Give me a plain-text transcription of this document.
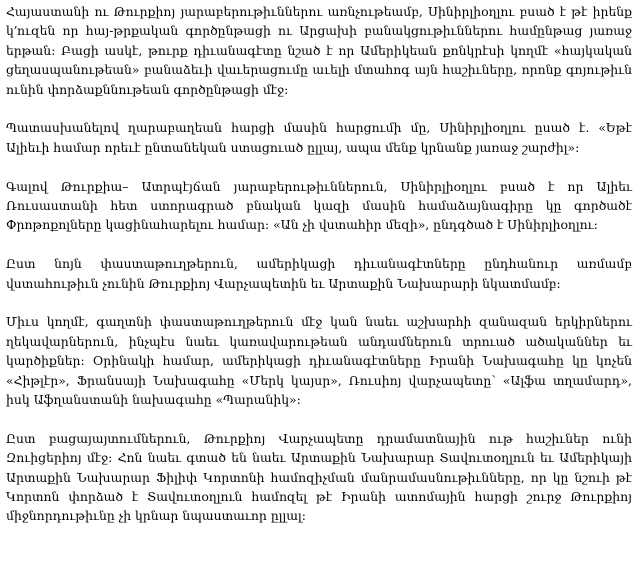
Հայաստանի ու Թուրքիոյ յարաբերութիւններու առնչութեամբ, Սինիրլիօղլու բսած է թէ իրենք կ՚ուզեն որ հայ-թրքական գործընթացի ու Արցախի բանակցութիւններու համընթաց յառաջ երթան: Բացի ասկէ, թուրք դիւանագէտը նշած է որ Ամերիկեան քոնկրէսի կողմէ «հայկական ցեղասպանութեան» բանաձեւի վաւերացումը աւելի մտահոգ այն հաշիւները, որոնք գոյութիւն ունին փորձաքննութեան գործընթացի մէջ:

Պատասխանելով ղարաբաղեան հարցի մասին հարցումի մը, Սինիրլիօղլու ըսած է. «Եթէ Ալիեւի համար որեւէ ընտանեկան ստացուած ըլլայ, ապա մենք կրնանք յառաջ շարժիլ»:

Գալով Թուրքիա– Ատրպէյճան յարաբերութիւններուն, Սինիրլիօղլու բսած է որ Ալիեւ Ռուսաստանի հետ ստորագրած բնական կազի մասին համաձայնագիրը կը գործածէ Փրոթոքոլները կացինահարելու համար: «Ան չի վստահիր մեզի», ընդգծած է Սինիրլիօղլու:

Ըստ նոյն փաստաթուղթերուն, ամերիկացի դիւանագէտները ընդհանուր առմամբ վստահութիւն չունին Թուրքիոյ Վարչապետին եւ Արտաքին Նախարարի նկատմամբ:

Միւս կողմէ, գաղտնի փաստաթուղթերուն մէջ կան նաեւ աշխարհի զանազան երկիրներու ղեկավարներուն, ինչպէս նաեւ կառավարութեան անդամներուն տրուած ածականներ եւ կարծիքներ: Օրինակի համար, ամերիկացի դիւանագէտները Իրանի Նախագահը կը կոչեն «Հիթլէր», Ֆրանսայի Նախագահը «Մերկ կայսր», Ռուսիոյ վարչապետը՝ «Ալֆա տղամարդ», իսկ Աֆղանստանի նախագահը «Պարանիկ»:

Ըստ բացայայտումներուն, Թուրքիոյ Վարչապետը դրամատնային ութ հաշիւներ ունի Զուիցերիոյ մէջ: Հոն նաեւ գտած են նաեւ Արտաքին Նախարար Տավուտօղլուն եւ Ամերիկայի Արտաքին Նախարար Ֆիլիփ Կորտոնի համոզիչման մանրամասնութիւնները, որ կը նշուի թէ Կորտոն փորձած է Տավուտօղլուն համոզել թէ Իրանի ատոմային հարցի շուրջ Թուրքիոյ միջնորդութիւնը չի կրնար նպաստաւոր ըլլալ:
